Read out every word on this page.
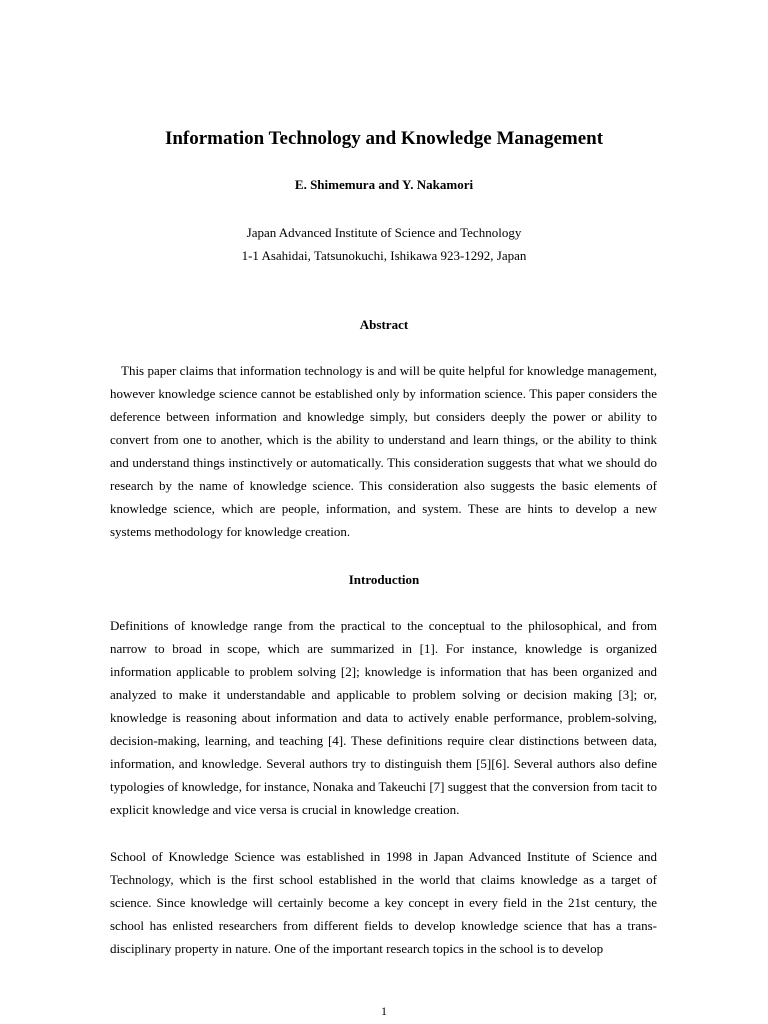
Information Technology and Knowledge Management
E. Shimemura and Y. Nakamori
Japan Advanced Institute of Science and Technology
1-1 Asahidai, Tatsunokuchi, Ishikawa 923-1292, Japan
Abstract

This paper claims that information technology is and will be quite helpful for knowledge management, however knowledge science cannot be established only by information science. This paper considers the deference between information and knowledge simply, but considers deeply the power or ability to convert from one to another, which is the ability to understand and learn things, or the ability to think and understand things instinctively or automatically. This consideration suggests that what we should do research by the name of knowledge science. This consideration also suggests the basic elements of knowledge science, which are people, information, and system. These are hints to develop a new systems methodology for knowledge creation.

Introduction

Definitions of knowledge range from the practical to the conceptual to the philosophical, and from narrow to broad in scope, which are summarized in [1]. For instance, knowledge is organized information applicable to problem solving [2]; knowledge is information that has been organized and analyzed to make it understandable and applicable to problem solving or decision making [3]; or, knowledge is reasoning about information and data to actively enable performance, problem-solving, decision-making, learning, and teaching [4]. These definitions require clear distinctions between data, information, and knowledge. Several authors try to distinguish them [5][6]. Several authors also define typologies of knowledge, for instance, Nonaka and Takeuchi [7] suggest that the conversion from tacit to explicit knowledge and vice versa is crucial in knowledge creation.

School of Knowledge Science was established in 1998 in Japan Advanced Institute of Science and Technology, which is the first school established in the world that claims knowledge as a target of science. Since knowledge will certainly become a key concept in every field in the 21st century, the school has enlisted researchers from different fields to develop knowledge science that has a trans-disciplinary property in nature. One of the important research topics in the school is to develop

1
